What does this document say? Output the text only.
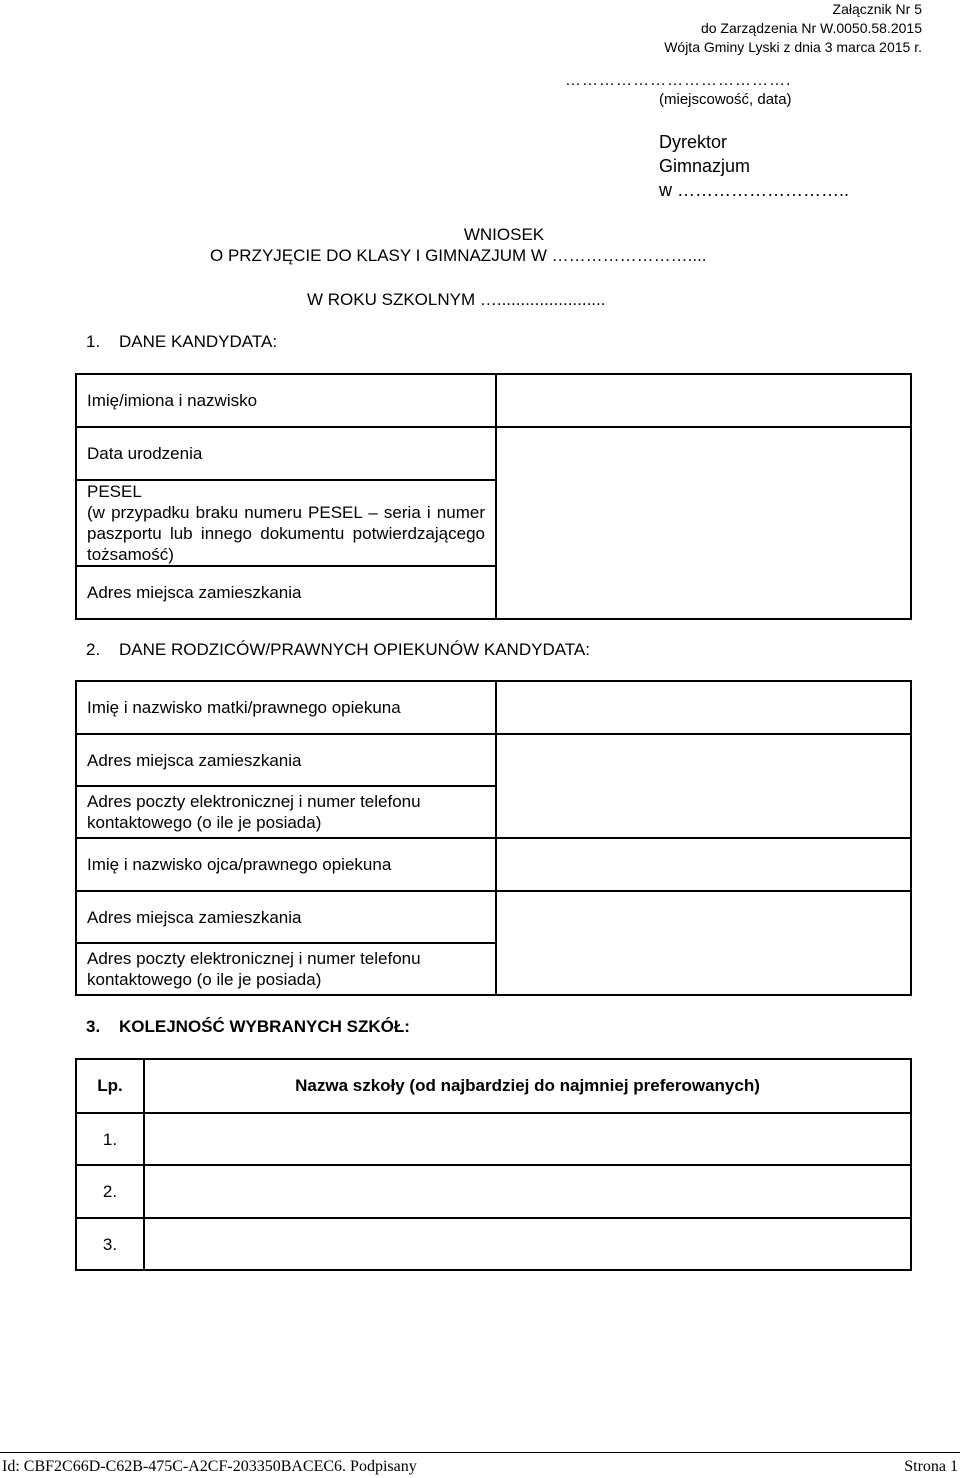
Załącznik Nr 5
do Zarządzenia Nr W.0050.58.2015
Wójta Gminy Lyski z dnia 3 marca 2015 r.
………………………………….
(miejscowość, data)
Dyrektor
Gimnazjum
w ………………………..
WNIOSEK
O PRZYJĘCIE DO KLASY I GIMNAZJUM W ……………………....
W ROKU SZKOLNYM ….......................
1. DANE KANDYDATA:
Imię/imiona i nazwisko	
Data urodzenia	

PESEL
(w przypadku braku numeru PESEL – seria i numer paszportu lub innego dokumentu potwierdzającego tożsamość)	

Adres miejsca zamieszkania	
2. DANE RODZICÓW/PRAWNYCH OPIEKUNÓW KANDYDATA:
Imię i nazwisko matki/prawnego opiekuna	
Adres miejsca zamieszkania	
Adres poczty elektronicznej i numer telefonu kontaktowego (o ile je posiada)	
Imię i nazwisko ojca/prawnego opiekuna	
Adres miejsca zamieszkania	
Adres poczty elektronicznej i numer telefonu kontaktowego (o ile je posiada)	
3. KOLEJNOŚĆ WYBRANYCH SZKÓŁ:
Lp.	Nazwa szkoły (od najbardziej do najmniej preferowanych)
1.	
2.	
3.	
Id: CBF2C66D-C62B-475C-A2CF-203350BACEC6. Podpisany	Strona 1
